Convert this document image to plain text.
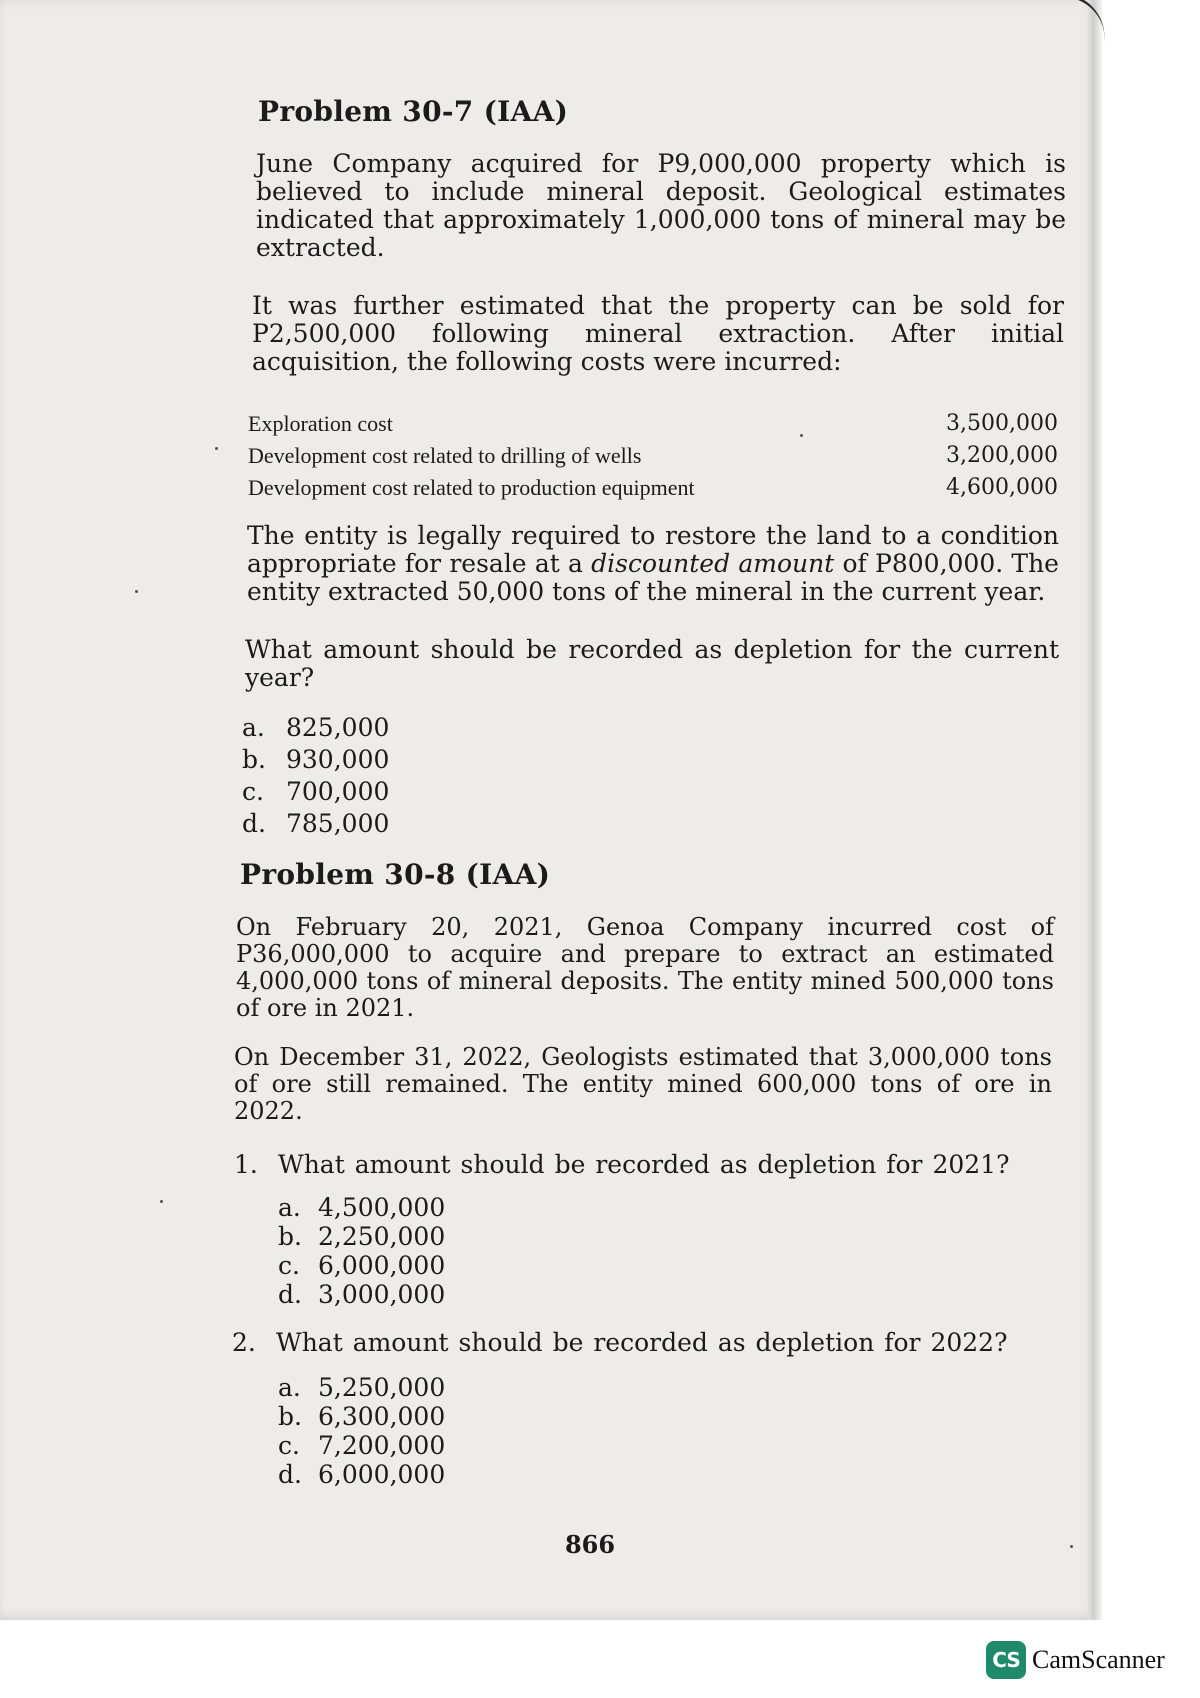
Problem 30-7 (IAA)

June Company acquired for P9,000,000 property which is believed to include mineral deposit. Geological estimates indicated that approximately 1,000,000 tons of mineral may be extracted.

It was further estimated that the property can be sold for P2,500,000 following mineral extraction. After initial acquisition, the following costs were incurred:

Exploration cost	3,500,000
Development cost related to drilling of wells	3,200,000
Development cost related to production equipment	4,600,000

The entity is legally required to restore the land to a condition appropriate for resale at a discounted amount of P800,000. The entity extracted 50,000 tons of the mineral in the current year.

What amount should be recorded as depletion for the current year?

a. 825,000
b. 930,000
c. 700,000
d. 785,000
Problem 30-8 (IAA)

On February 20, 2021, Genoa Company incurred cost of P36,000,000 to acquire and prepare to extract an estimated 4,000,000 tons of mineral deposits. The entity mined 500,000 tons of ore in 2021.

On December 31, 2022, Geologists estimated that 3,000,000 tons of ore still remained. The entity mined 600,000 tons of ore in 2022.

1. What amount should be recorded as depletion for 2021?
a. 4,500,000
b. 2,250,000
c. 6,000,000
d. 3,000,000
2. What amount should be recorded as depletion for 2022?
a. 5,250,000
b. 6,300,000
c. 7,200,000
d. 6,000,000
866
CS CamScanner
